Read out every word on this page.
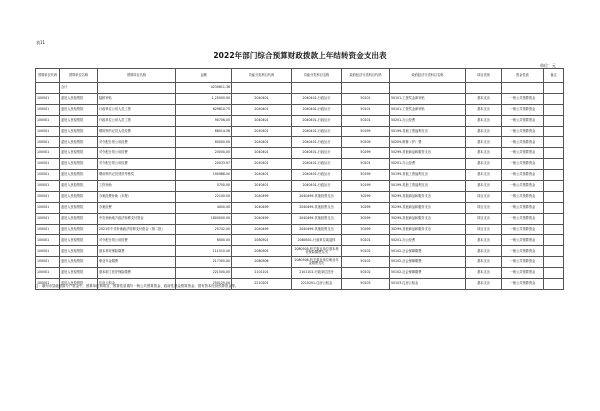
表11
2022年部门综合预算财政拨款上年结转资金支出表
单位：元
预算单位代码	预算单位名称	预算项目名称	金额	功能分类科目代码	功能分类科目名称	政府经济分类科目代码	政府经济分类科目名称	项目类别	资金性质	备注
	合计		4230611.36							
100001	蓝田人民检察院	陆桥补贴	1,25000.00	2040401	2040401-行政运行	50101	50101-工资奖金津补贴	基本支出	一般公共预算资金	
100001	蓝田人民检察院	行政单位公用人员工资	629810.75	2040401	2040401-行政运行	50101	50101-工资奖金津补贴	基本支出	一般公共预算资金	
100001	蓝田人民检察院	行政单位公用人员工资	90706.00	2040401	2040401-行政运行	50201	50201-办公经费	基本支出	一般公共预算资金	
100001	蓝田人民检察院	聘用制书记员人员经费	68014.36	2040401	2040401-行政运行	50199	50199-其他工资福利支出	基本支出	一般公共预算资金	
100001	蓝田人民检察院	对令配日常公用经费	80000.00	2040401	2040401-行政运行	50209	50209-维修（护）费	基本支出	一般公共预算资金	
100001	蓝田人民检察院	对令配日常公用经费	20000.00	2040401	2040401-行政运行	50299	50299-其他商品和服务支出	基本支出	一般公共预算资金	
100001	蓝田人民检察院	对令配日常公用经费	20033.97	2040401	2040401-行政运行	50201	50201-办公经费	基本支出	一般公共预算资金	
100001	蓝田人民检察院	聘用制书记员绩效考核奖	190988.00	2040401	2040401-行政运行	50199	50199-其他工资福利支出	基本支出	一般公共预算资金	
100001	蓝田人民检察院	工伤补助	5700.00	2040401	2040401-行政运行	50199	50199-其他工资福利支出	基本支出	一般公共预算资金	
100001	蓝田人民检察院	办案经费补助（未拨）	22100.00	2040499	2040499-其他检察支出	30299	30299-其他商品和服务支出	项目支出	一般公共预算资金	
100001	蓝田人民检察院	办案经费	4000.00	2040499	2040499-其他检察支出	30299	30299-其他商品和服务支出	项目支出	一般公共预算资金	
100001	蓝田人民检察院	中央补助地方政法转移支付资金	1800000.00	2040499	2040499-其他检察支出	30299	30299-其他商品和服务支出	项目支出	一般公共预算资金	
100001	蓝田人民检察院	2021年中央补助政法转移支付资金（第二批）	25742.00	2040499	2040499-其他检察支出	30299	30299-其他商品和服务支出	项目支出	一般公共预算资金	
100001	蓝田人民检察院	对令配日常公用经费	6000.00	2080501	2080501-行政单位离退休	50201	50201-办公经费	基本支出	一般公共预算资金	
100001	蓝田人民检察院	基本养老保险缴费	111510.40	2080505	2080505-机关事业单位基本养老保险缴费支出	50102	50102-社会保障缴费	基本支出	一般公共预算资金	
100001	蓝田人民检察院	职业年金缴费	217300.00	2080506	2080506-机关事业单位职业年金缴费支出	50102	50102-社会保障缴费	基本支出	一般公共预算资金	
100001	蓝田人民检察院	基本职工医疗保险缴费	221500.00	2101101	2101101-行政单位医疗	50102	50102-社会保障缴费	基本支出	一般公共预算资金	
100001	蓝田人民检察院	住房公积金	250125.00	2210201	2210201-住房公积金	50103	50103-住房公积金	基本支出	一般公共预算资金	
注：填列市县级财政专户资金中，预算单位和项目，预算性质填写一般公共预算资金、政府性基金预算资金、国有资本经营预算资金等。
